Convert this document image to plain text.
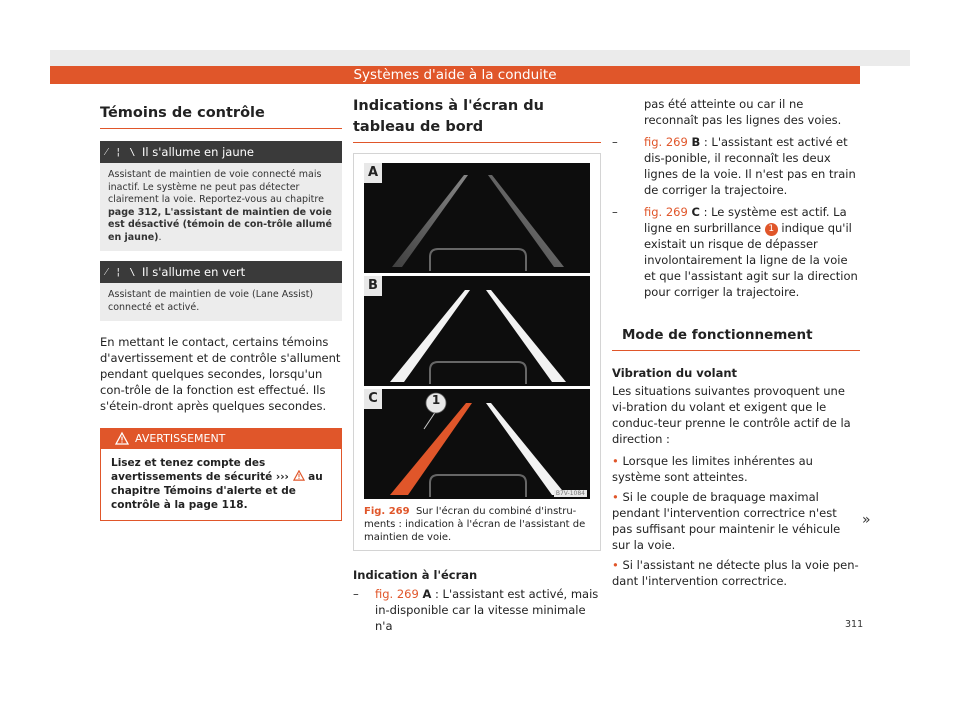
Systèmes d'aide à la conduite
Témoins de contrôle
⁄ ¦ \ Il s'allume en jaune
Assistant de maintien de voie connecté mais inactif. Le système ne peut pas détecter clairement la voie. Reportez-vous au chapitre page 312, L'assistant de maintien de voie est désactivé (témoin de con-trôle allumé en jaune).
⁄ ¦ \ Il s'allume en vert
Assistant de maintien de voie (Lane Assist) connecté et activé.
En mettant le contact, certains témoins d'avertissement et de contrôle s'allument pendant quelques secondes, lorsqu'un con-trôle de la fonction est effectué. Ils s'étein-dront après quelques secondes.
AVERTISSEMENT
Lisez et tenez compte des avertissements de sécurité ››› au chapitre Témoins d'alerte et de contrôle à la page 118.
Indications à l'écran du tableau de bord
A
B
1
C
B7V-1084
Fig. 269 Sur l'écran du combiné d'instru-ments : indication à l'écran de l'assistant de maintien de voie.
Indication à l'écran
–	fig. 269 A : L'assistant est activé, mais in-disponible car la vitesse minimale n'a
pas été atteinte ou car il ne reconnaît pas les lignes des voies.
–	fig. 269 B : L'assistant est activé et dis-ponible, il reconnaît les deux lignes de la voie. Il n'est pas en train de corriger la trajectoire.
–	fig. 269 C : Le système est actif. La ligne en surbrillance 1 indique qu'il existait un risque de dépasser involontairement la ligne de la voie et que l'assistant agit sur la direction pour corriger la trajectoire.
Mode de fonctionnement
Vibration du volant
Les situations suivantes provoquent une vi-bration du volant et exigent que le conduc-teur prenne le contrôle actif de la direction :
• Lorsque les limites inhérentes au système sont atteintes.
• Si le couple de braquage maximal pendant l'intervention correctrice n'est pas suffisant pour maintenir le véhicule sur la voie.
• Si l'assistant ne détecte plus la voie pen-dant l'intervention correctrice.
»
311
